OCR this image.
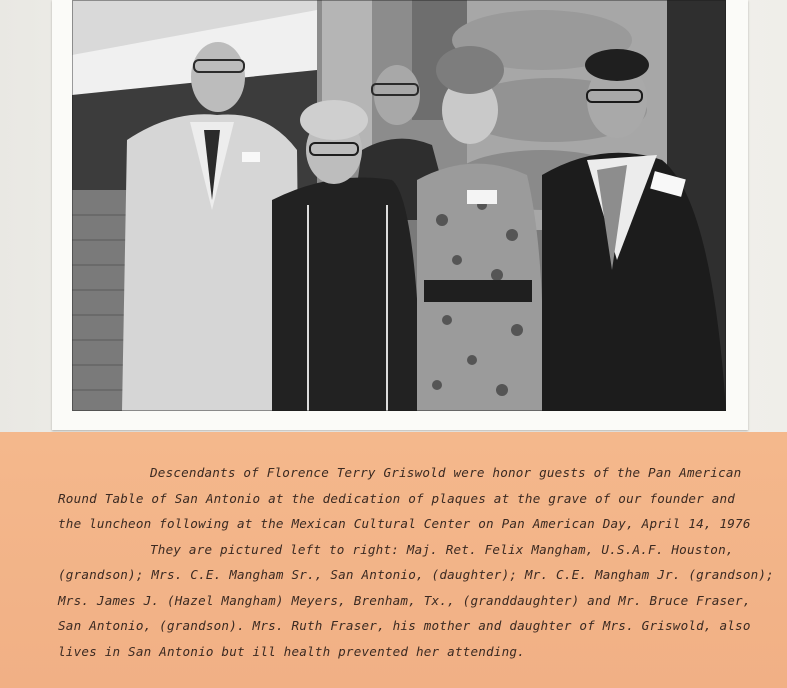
Descendants of Florence Terry Griswold were honor guests of the Pan American
Round Table of San Antonio at the dedication of plaques at the grave of our founder and
the luncheon following at the Mexican Cultural Center on Pan American Day, April 14, 1976
They are pictured left to right: Maj. Ret. Felix Mangham, U.S.A.F. Houston,
(grandson); Mrs. C.E. Mangham Sr., San Antonio, (daughter); Mr. C.E. Mangham Jr. (grandson);
Mrs. James J. (Hazel Mangham) Meyers, Brenham, Tx., (granddaughter) and Mr. Bruce Fraser,
San Antonio, (grandson). Mrs. Ruth Fraser, his mother and daughter of Mrs. Griswold, also
lives in San Antonio but ill health prevented her attending.
